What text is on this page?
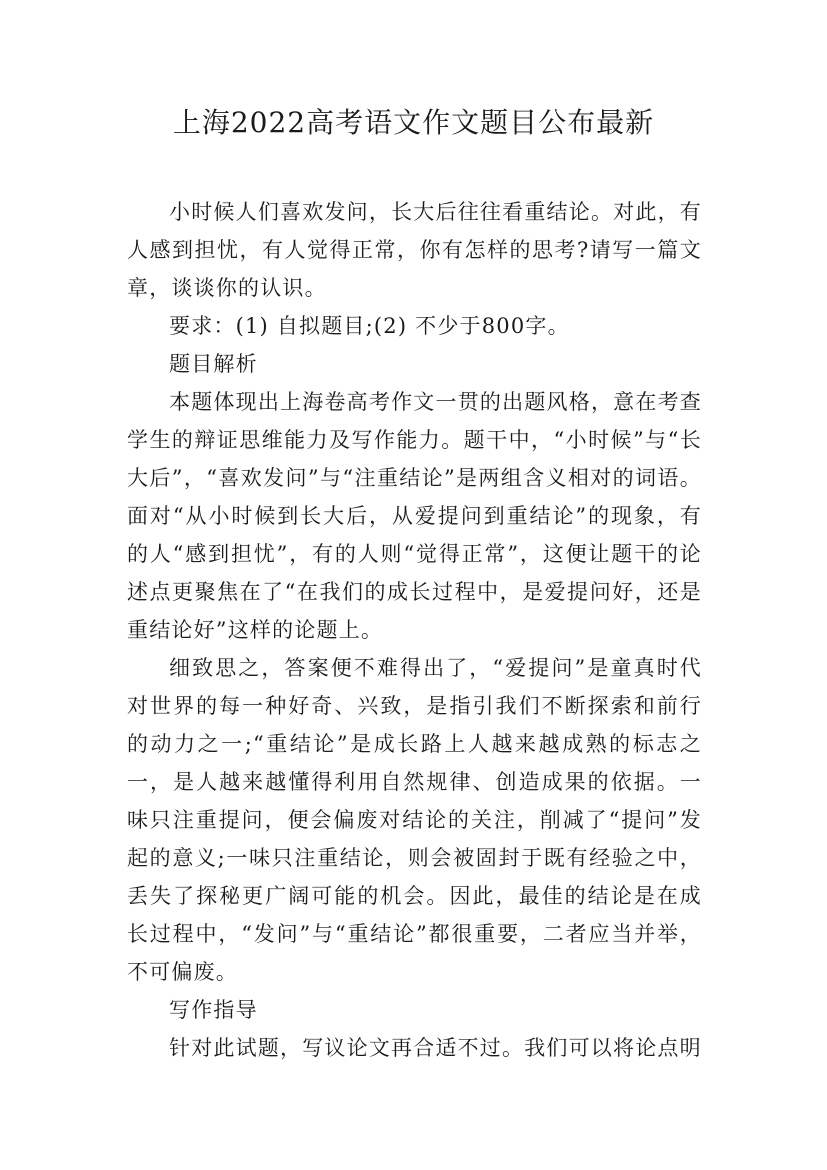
上海2022高考语文作文题目公布最新

小时候人们喜欢发问，长大后往往看重结论。对此，有人感到担忧，有人觉得正常，你有怎样的思考?请写一篇文章，谈谈你的认识。

要求：(1) 自拟题目;(2) 不少于800字。

题目解析

本题体现出上海卷高考作文一贯的出题风格，意在考查学生的辩证思维能力及写作能力。题干中，“小时候”与“长大后”，“喜欢发问”与“注重结论”是两组含义相对的词语。面对“从小时候到长大后，从爱提问到重结论”的现象，有的人“感到担忧”，有的人则“觉得正常”，这便让题干的论述点更聚焦在了“在我们的成长过程中，是爱提问好，还是重结论好”这样的论题上。

细致思之，答案便不难得出了，“爱提问”是童真时代对世界的每一种好奇、兴致，是指引我们不断探索和前行的动力之一;“重结论”是成长路上人越来越成熟的标志之一，是人越来越懂得利用自然规律、创造成果的依据。一味只注重提问，便会偏废对结论的关注，削减了“提问”发起的意义;一味只注重结论，则会被固封于既有经验之中，丢失了探秘更广阔可能的机会。因此，最佳的结论是在成长过程中，“发问”与“重结论”都很重要，二者应当并举，不可偏废。

写作指导

针对此试题，写议论文再合适不过。我们可以将论点明
